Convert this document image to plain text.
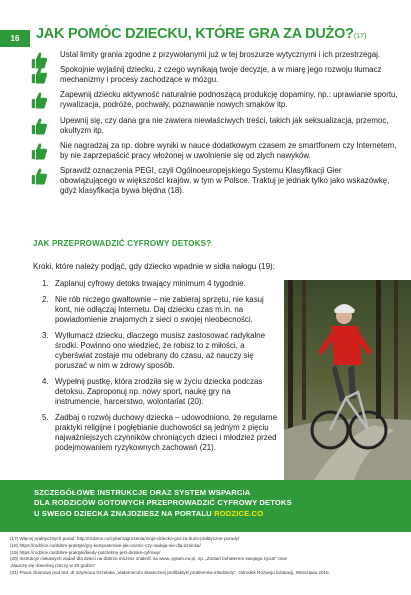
16	JAK POMÓC DZIECKU, KTÓRE GRA ZA DUŻO?(17)
Ustal limity grania zgodne z przywołanymi już w tej broszurze wytycznymi i ich przestrzegaj.
Spokojnie wyjaśnij dziecku, z czego wynikają twoje decyzje, a w miarę jego rozwoju tłumacz mechanizmy i procesy zachodzące w mózgu.
Zapewnij dziecku aktywność naturalnie podnoszącą produkcję dopaminy, np.: uprawianie sportu, rywalizacja, podróże, pochwały, poznawanie nowych smaków itp.
Upewnij się, czy dana gra nie zawiera niewłaściwych treści, takich jak seksualizacja, przemoc, okultyzm itp.
Nie nagradzaj za np. dobre wyniki w nauce dodatkowym czasem ze smartfonem czy Internetem, by nie zaprzepaścić pracy włożonej w uwolnienie się od złych nawyków.
Sprawdź oznaczenia PEGI, czyli Ogólnoeuropejskiego Systemu Klasyfikacji Gier obowiązującego w większości krajów, w tym w Polsce. Traktuj je jednak tylko jako wskazówkę, gdyż klasyfikacja bywa błędna (18).
JAK PRZEPROWADZIĆ CYFROWY DETOKS?

Kroki, które należy podjąć, gdy dziecko wpadnie w sidła nałogu (19):

1. Zaplanuj cyfrowy detoks trwający minimum 4 tygodnie.
2. Nie rób niczego gwałtownie – nie zabieraj sprzętu, nie kasuj kont, nie odłączaj Internetu. Daj dziecku czas m.in. na powiadomienie znajomych z sieci o swojej nieobecności.
3. Wytłumacz dziecku, dlaczego musisz zastosować radykalne środki. Powinno ono wiedzieć, że robisz to z miłości, a cyberświat zostaje mu odebrany do czasu, aż nauczy się poruszać w nim w zdrowy sposób.
4. Wypełnij pustkę, która zrodziła się w życiu dziecka podczas detoksu. Zaproponuj np. nowy sport, naukę gry na instrumencie, harcerstwo, wolontariat (20).
5. Zadbaj o rozwój duchowy dziecka – udowodniono, że regularne praktyki religijne i pogłębianie duchowości są jednym z pięciu najważniejszych czynników chroniących dzieci i młodzież przed podejmowaniem ryzykownych zachowań (21).
SZCZEGÓŁOWE INSTRUKCJE ORAZ SYSTEM WSPARCIA
DLA RODZICÓW GOTOWYCH PRZEPROWADZIĆ CYFROWY DETOKS
U SWEGO DZIECKA ZNAJDZIESZ NA PORTALU RODZICE.CO
(17) Więcej praktycznych porad: http://rodzice.co/cyberzagrozenia/moje-dziecko-gra-za-duzo-praktyczne-porady/
(18) https://rodzice.co/dobre-praktyki/gry-komputerowe-jak-ocenic-czy-nadaja-sie-dla-dziecka/
(19) https://rodzice.co/dobre-praktyki/kiedy-potrzebny-jest-detoks-cyfrowy/
(20) Instrukcje ciekawych zadań dla dzieci na dobrze możesz znaleźć na www. pytam.eu.pl, np. „Zostań bohaterem swojego życia!” oraz
„Nauczę się dowolnej rzeczy w 20 godzin”
(21) Praca zbiorowa pod red. dr Szymona Grzelaka „Vademecum skutecznej profilaktyki problemów młodzieży”, Ośrodek Rozwoju Edukacji, Warszawa 2015.
